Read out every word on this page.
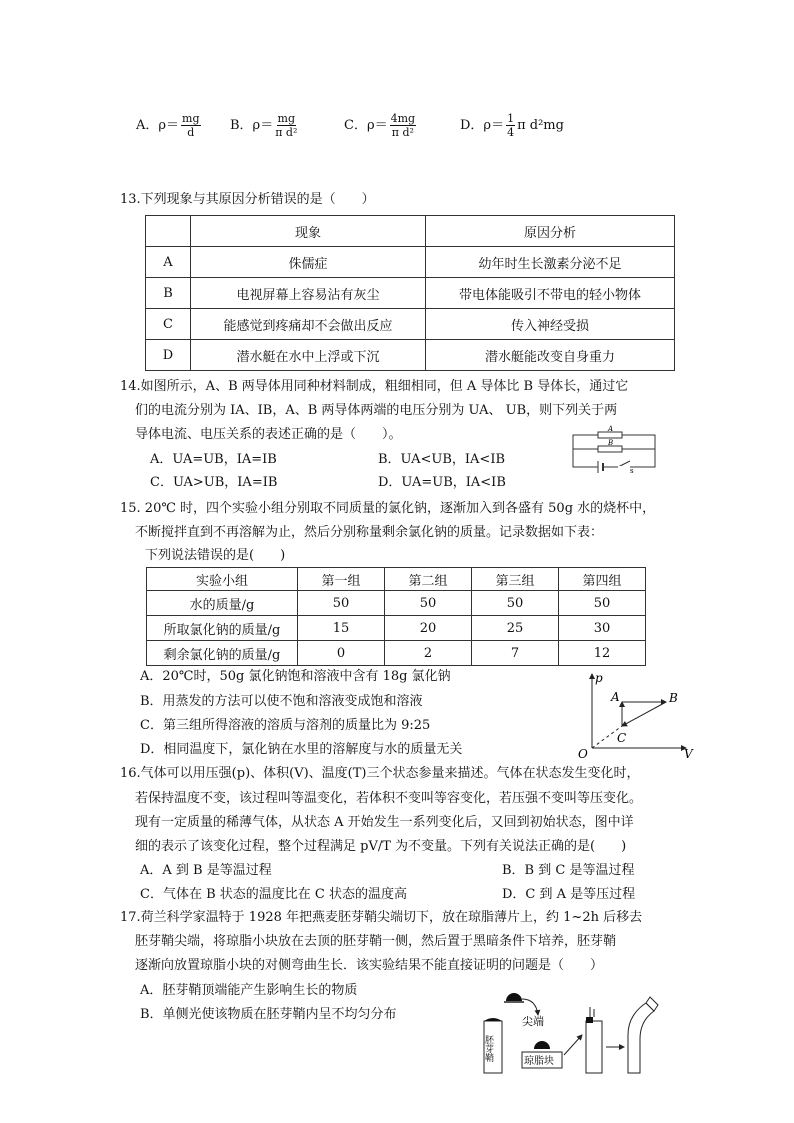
A．$\rho= \frac{mg}{d}$ B．$\rho= \frac{mg}{\text{π d²}}$	C．$\rho= \frac{4mg}{\text{π d²}}$	D．$\rho= \frac{1}{4}$ π d²mg
13.下列现象与其原因分析错误的是（　　）
	现象	原因分析
A	侏儒症	幼年时生长激素分泌不足
B	电视屏幕上容易沾有灰尘	带电体能吸引不带电的轻小物体
C	能感觉到疼痛却不会做出反应	传入神经受损
D	潜水艇在水中上浮或下沉	潜水艇能改变自身重力
14.如图所示，A、B 两导体用同种材料制成，粗细相同，但 A 导体比 B 导体长，通过它
们的电流分别为 IA、IB，A、B 两导体两端的电压分别为 UA、 UB，则下列关于两
导体电流、电压关系的表述正确的是（　　）。
A．UA=UB，IA=IB	B．UA<UB，IA<IB
C．UA>UB，IA=IB	D．UA=UB，IA<IB
A
B
s
15. 20℃ 时，四个实验小组分别取不同质量的氯化钠，逐渐加入到各盛有 50g 水的烧杯中，
不断搅拌直到不再溶解为止，然后分别称量剩余氯化钠的质量。记录数据如下表：
下列说法错误的是(　　)
实验小组	第一组	第二组	第三组	第四组
水的质量/g	50	50	50	50
所取氯化钠的质量/g	15	20	25	30
剩余氯化钠的质量/g	0	2	7	12
A．20℃时，50g 氯化钠饱和溶液中含有 18g 氯化钠
B．用蒸发的方法可以使不饱和溶液变成饱和溶液
C．第三组所得溶液的溶质与溶剂的质量比为 9:25
D．相同温度下，氯化钠在水里的溶解度与水的质量无关
p
V
O
A	B
C
16.气体可以用压强(p)、体积(V)、温度(T)三个状态参量来描述。气体在状态发生变化时，
若保持温度不变，该过程叫等温变化，若体积不变叫等容变化，若压强不变叫等压变化。
现有一定质量的稀薄气体，从状态 A 开始发生一系列变化后，又回到初始状态，图中详
细的表示了该变化过程，整个过程满足 pV/T 为不变量。下列有关说法正确的是(　　)
A．A 到 B 是等温过程	B．B 到 C 是等温过程
C．气体在 B 状态的温度比在 C 状态的温度高	D．C 到 A 是等压过程
17.荷兰科学家温特于 1928 年把燕麦胚芽鞘尖端切下，放在琼脂薄片上，约 1~2h 后移去
胚芽鞘尖端，将琼脂小块放在去顶的胚芽鞘一侧，然后置于黑暗条件下培养，胚芽鞘
逐渐向放置琼脂小块的对侧弯曲生长．该实验结果不能直接证明的问题是（　　）
A．胚芽鞘顶端能产生影响生长的物质
B．单侧光使该物质在胚芽鞘内呈不均匀分布	尖端
胚芽鞘	琼脂块
